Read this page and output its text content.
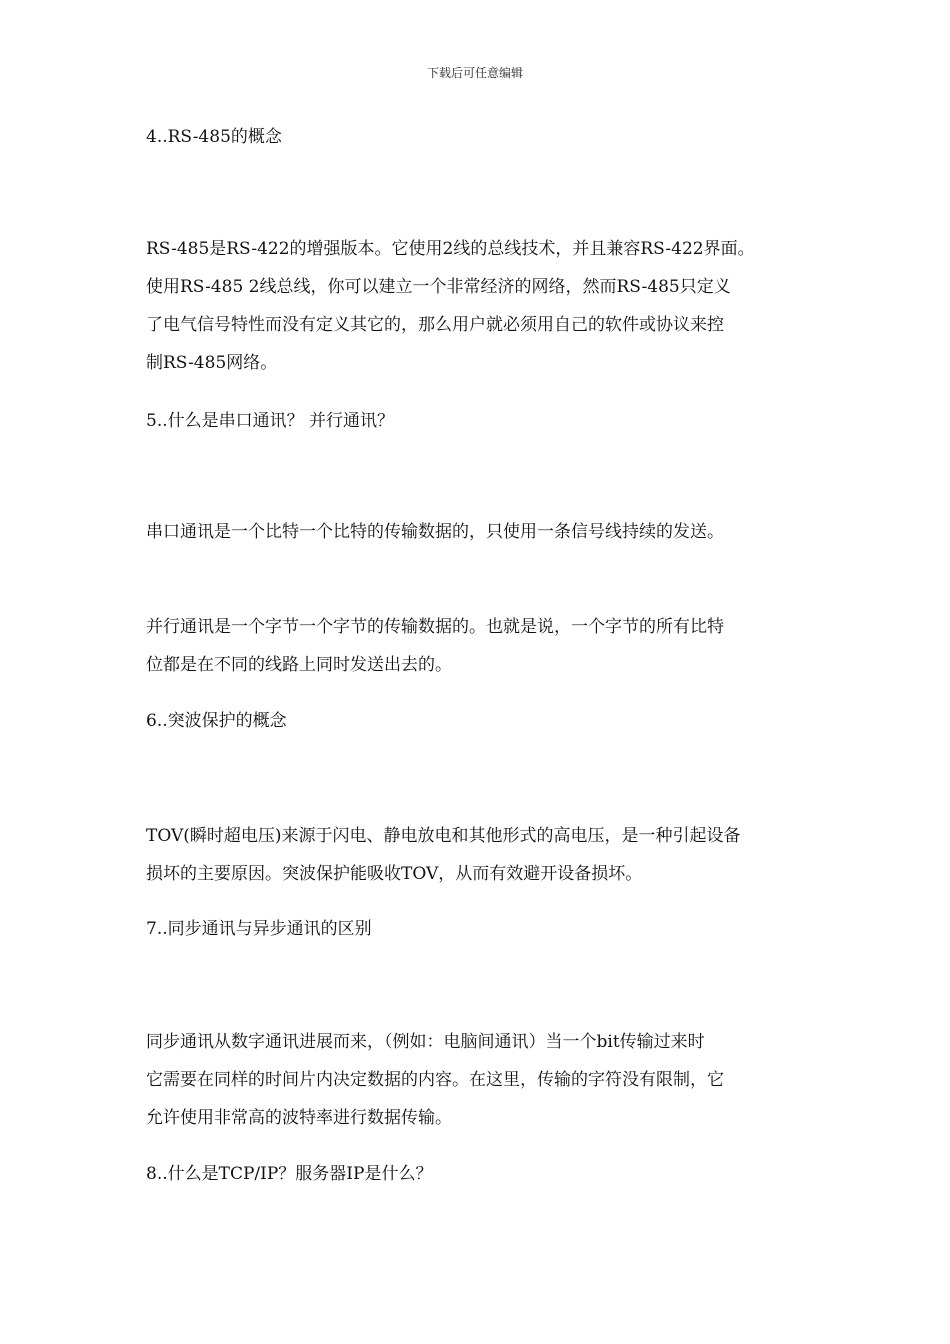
下载后可任意编辑
4..RS-485的概念

RS-485是RS-422的增强版本。它使用2线的总线技术，并且兼容RS-422界面。

使用RS-485 2线总线，你可以建立一个非常经济的网络，然而RS-485只定义

了电气信号特性而没有定义其它的，那么用户就必须用自己的软件或协议来控

制RS-485网络。

5..什么是串口通讯？ 并行通讯？

串口通讯是一个比特一个比特的传输数据的，只使用一条信号线持续的发送。

并行通讯是一个字节一个字节的传输数据的。也就是说，一个字节的所有比特

位都是在不同的线路上同时发送出去的。

6..突波保护的概念

TOV(瞬时超电压)来源于闪电、静电放电和其他形式的高电压，是一种引起设备

损坏的主要原因。突波保护能吸收TOV，从而有效避开设备损坏。

7..同步通讯与异步通讯的区别

同步通讯从数字通讯进展而来，（例如：电脑间通讯）当一个bit传输过来时

它需要在同样的时间片内决定数据的内容。在这里，传输的字符没有限制，它

允许使用非常高的波特率进行数据传输。

8..什么是TCP/IP？服务器IP是什么？
